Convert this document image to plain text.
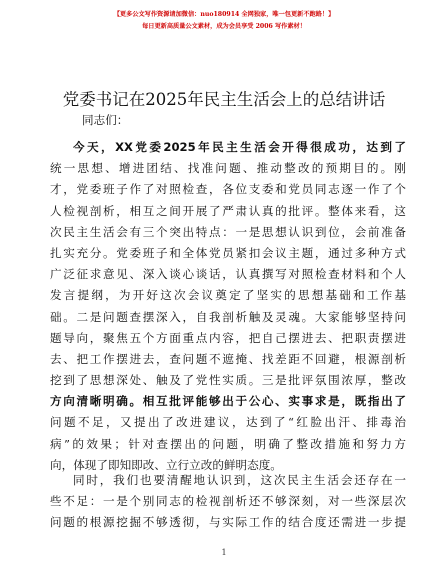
【更多公文写作资源请加微信：nuo180914 全网独家，唯一包更新不跑路！】
每日更新高质量公文素材，成为会员享受 2006 写作素材！
党委书记在2025年民主生活会上的总结讲话
同志们：
今天，XX党委2025年民主生活会开得很成功，达到了
统一思想、增进团结、找准问题、推动整改的预期目的。刚
才，党委班子作了对照检查，各位支委和党员同志逐一作了个
人检视剖析，相互之间开展了严肃认真的批评。整体来看，这
次民主生活会有三个突出特点：一是思想认识到位，会前准备
扎实充分。党委班子和全体党员紧扣会议主题，通过多种方式
广泛征求意见、深入谈心谈话，认真撰写对照检查材料和个人
发言提纲，为开好这次会议奠定了坚实的思想基础和工作基
础。二是问题查摆深入，自我剖析触及灵魂。大家能够坚持问
题导向，聚焦五个方面重点内容，把自己摆进去、把职责摆进
去、把工作摆进去，查问题不遮掩、找差距不回避，根源剖析
挖到了思想深处、触及了党性实质。三是批评氛围浓厚，整改
方向清晰明确。相互批评能够出于公心、实事求是，既指出了
问题不足，又提出了改进建议，达到了“红脸出汗、排毒治
病”的效果；针对查摆出的问题，明确了整改措施和努力方
向，体现了即知即改、立行立改的鲜明态度。
同时，我们也要清醒地认识到，这次民主生活会还存在一
些不足：一是个别同志的检视剖析还不够深刻，对一些深层次
问题的根源挖掘不够透彻，与实际工作的结合度还需进一步提
1
